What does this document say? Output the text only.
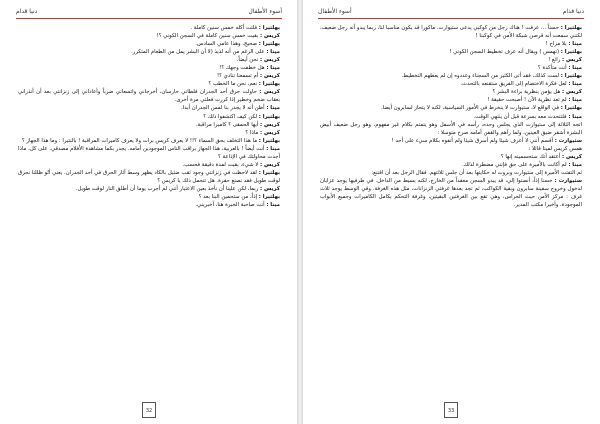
أسوء الأطفال
دنيا قدام

بهلتيرا : فلتت أكله خمس سنين كاملة .

كريس : بقيت خمس سنين كاملة في السجن الكوني ؟!

بهلتيرا : صحيح، وهذا عامي السادس.

مينا : على الرغم من أنه لذيذ (لا أن البشر يمل من الطعام المتكرر.

كريس : نحن أيضاً.

مينا : هل خطفت وجهك ؟!

كريس : أم تسمعنا تنادي ؟!

بهلتيرا : نعم، نحن ما الخطب ؟

كريس : حاولت حرق أحد الجدران فلطاني حارسان، أخرجاني واتسعاني ضرباً وأعاداني إلى زنزانتي بعد أن أنذراني بعقاب ضخم وخطير إذا كررت فعلتي مرة أخرى.

مينا : أظن أنه لا يجدر بنا لمس الجدران أبدا.

بهلتيرا : لكن كيف اكتشفوا ذلك ؟

كريس : أيها الحمقى ؟ كاميرا مراقبة.

كريس : ماذا ؟

بهلتيرا : ما هذا التخلف بحق السماء ؟!! لا يعرف كريس برات ولا يعرف كاميرات المراقبة ! بالنتيرا : وما هذا الجهاز ؟

مينا : أنت أيضاً ! بالعربية، هذا الجهاز براقب الناس الموجودين أمامه. يجدر بكما مشاهدة الأفلام مصدقي. على كل، ماذا أجدت محاولتك في الإذاعة ؟

كريس : لا شيء، بقيت لمدة دقيقة فحسب.

بهلتيرا : لقد لاحظت في زنزانتي وجود ثقب ضئيل بالكاد يظهر وسط آثار الحرق في أحد الجدران. يعني أنّو ظللنا نحرق لوقت طويل فقد نصنع حفرة. هل تتحمل ذلك يا كريس ؟

كريس : ربما، لكن علينا أن نأخذ بعين الاعتبار أنني لم أجرب يوما أن أطلق النار لوقت طويل.

بهلتيرا : إذاً، من ستحمين البنا بعد ؟

مينا : أنت صاحبة الخبرة هنا، أخبريني.

32
دنيا قدام
أسوء الأطفال

بهلتيرا : حسناً ... عرفت ! هناك رجل من كوكبي يدعى ستيوارت. ماكورا قد يكون مناسبا لنا، ربما يبدو أنه رجل ضعيف، لكنني سمعت أنه قرصن شبكة الأمن في كوكبنا !

مينا : بلا مزاح !

بهلتيرا : (تهمس ) ويقال أنه عرف تخطيط السجن الكوني !

كريس : رائع !

مينا : أنت متأكدة ؟

بهلتيرا : لست كذلك، فقد أتى الكثير من السجناء وعددوه إن لم يعطهم التخطيط.

مينا : لعل فكرة الاختصام إلى الفريق ستقنعه بالتحدث.

كريس : هل يؤمن بنظرية براءة البشر ؟

مينا : لم تعد نظرية الآن ! أصبحت حقيقة !

بهلتيرا : في الواقع لا، ستيوارت لا ينخرط في الأمور السياسية، لكنه لا يتحاز لسابرون أيضا.

مينا : فلتتحدث معه بسرعة قبل أن ينتهي الوقت.

اتجه الثلاثة إلى ستيوارت الذي يجلس وحده، رأسه في الأسفل وهو يتمتم بكلام غير مفهوم، وهو رجل ضعيف أبيض البشرة أشقر ضيق العينين، ولما رآهم والقفن أمامه صرخ متوسلا :

ستيوارت : أقسم أنني لا أعرف شيئا ولم أسرق شيئا ولم أتفوه بكلام سيء على أحد !

همس كريس لمينا قائلا :

كريس : أعتقد أنك ستحسمينه إنها ؟

مينا : لم أكانت بالأميرة على حق فإنني مضطرة لذلك.

ثم التفتت الأميرة إلى ستيوارت وبروت له حكايتها بعد أن جلس ثلاثتهم. فقال الرجل بعد أن اقتنع:

ستيوارت : حسنا إذاً، أنصتوا إلي، قد يبدو السجن معقداً من الخارج، لكنه بسيط من الداخل. في طرفيها يوجد عزابان لدخول وخروج سفينة سابرون وبقية الكواكب، ثم تجد بعدها غرفتي الزنزانات، مثل هذه الغرفة. وفي الوسط يوجد ثلاث غرف : مركز الأمن حيث الحراس، وهي تقع بين الغرفتين البقيتين، وغرفة التحكم بكامل الكاميرات وجميع الأبواب الموجودة، وأخيرا مكتب المدير.

33
